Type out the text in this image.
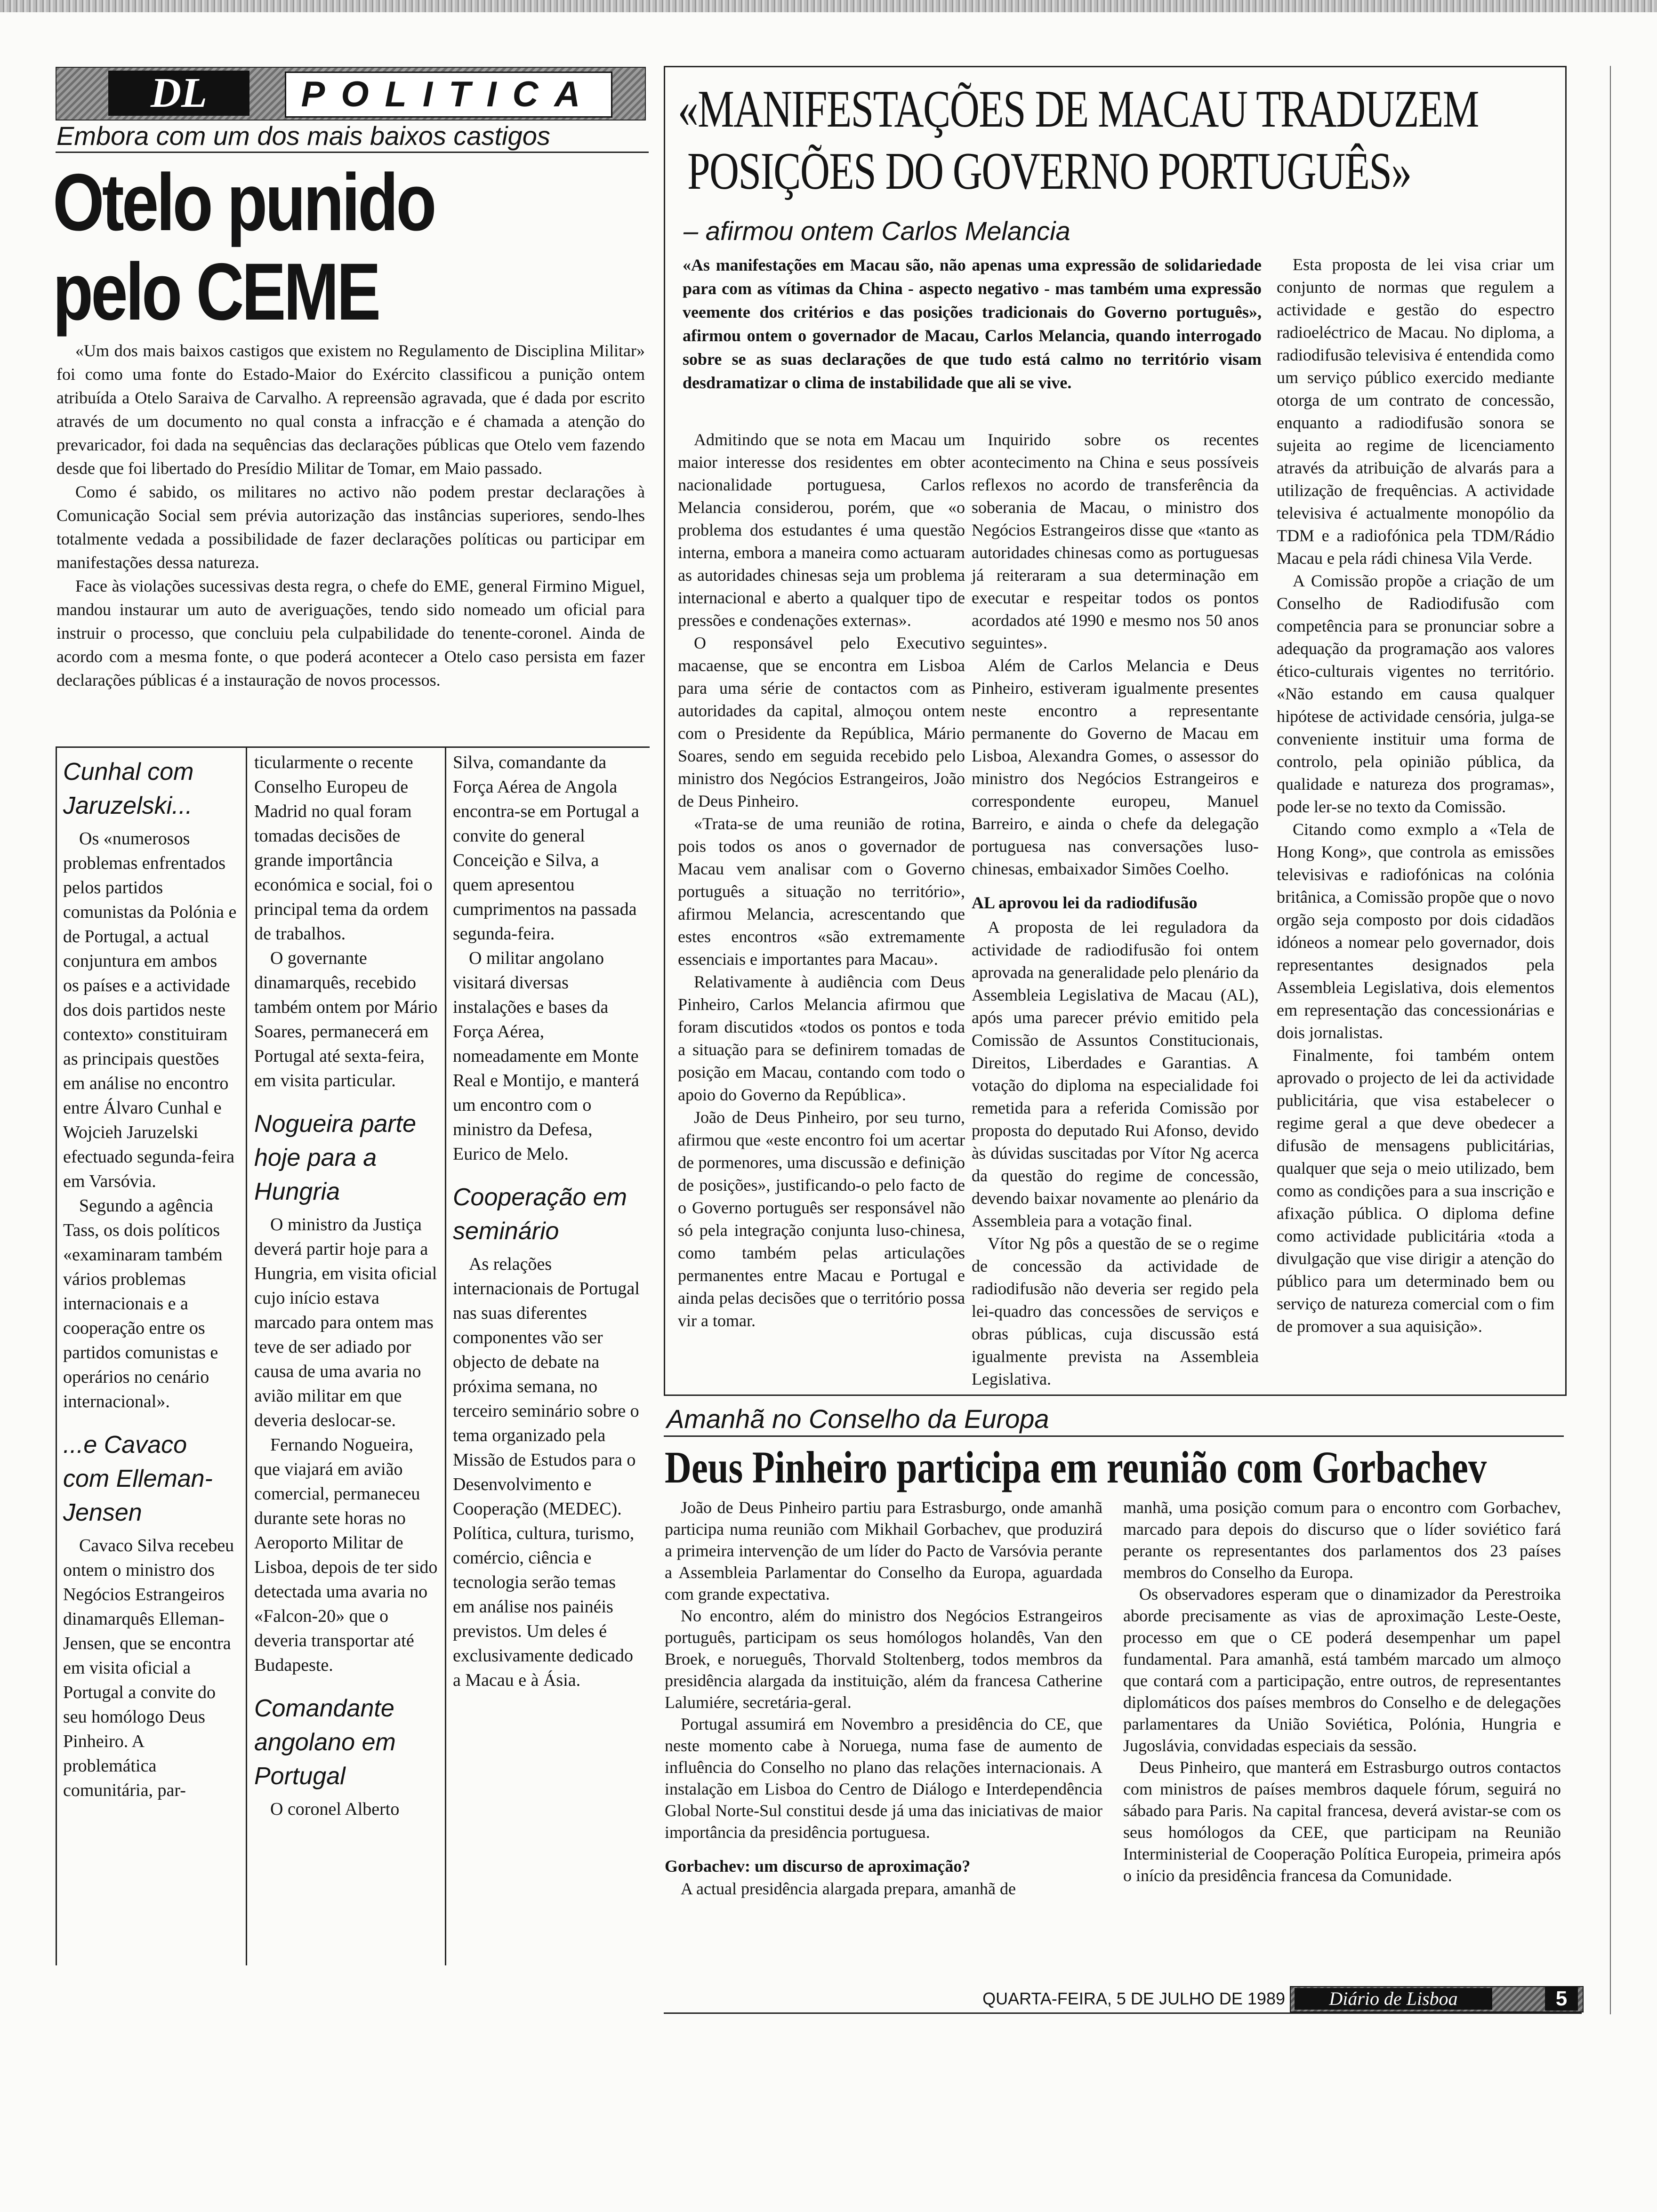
DL	POLITICA
Embora com um dos mais baixos castigos
Otelo punido
pelo CEME

«Um dos mais baixos castigos que existem no Regulamento de Disciplina Militar» foi como uma fonte do Estado-Maior do Exército classificou a punição ontem atribuída a Otelo Saraiva de Carvalho. A repreensão agravada, que é dada por escrito através de um documento no qual consta a infracção e é chamada a atenção do prevaricador, foi dada na sequências das declarações públicas que Otelo vem fazendo desde que foi libertado do Presídio Militar de Tomar, em Maio passado.

Como é sabido, os militares no activo não podem prestar declarações à Comunicação Social sem prévia autorização das instâncias superiores, sendo-lhes totalmente vedada a possibilidade de fazer declarações políticas ou participar em manifestações dessa natureza.

Face às violações sucessivas desta regra, o chefe do EME, general Firmino Miguel, mandou instaurar um auto de averiguações, tendo sido nomeado um oficial para instruir o processo, que concluiu pela culpabilidade do tenente-coronel. Ainda de acordo com a mesma fonte, o que poderá acontecer a Otelo caso persista em fazer declarações públicas é a instauração de novos processos.

Cunhal com Jaruzelski...

Os «numerosos problemas enfrentados pelos partidos comunistas da Polónia e de Portugal, a actual conjuntura em ambos os países e a actividade dos dois partidos neste contexto» constituiram as principais questões em análise no encontro entre Álvaro Cunhal e Wojcieh Jaruzelski efectuado segunda-feira em Varsóvia.

Segundo a agência Tass, os dois políticos «examinaram também vários problemas internacionais e a cooperação entre os partidos comunistas e operários no cenário internacional».

...e Cavaco com Elleman-Jensen

Cavaco Silva recebeu ontem o ministro dos Negócios Estrangeiros dinamarquês Elleman-Jensen, que se encontra em visita oficial a Portugal a convite do seu homólogo Deus Pinheiro. A problemática comunitária, par-

ticularmente o recente Conselho Europeu de Madrid no qual foram tomadas decisões de grande importância económica e social, foi o principal tema da ordem de trabalhos.

O governante dinamarquês, recebido também ontem por Mário Soares, permanecerá em Portugal até sexta-feira, em visita particular.

Nogueira parte hoje para a Hungria

O ministro da Justiça deverá partir hoje para a Hungria, em visita oficial cujo início estava marcado para ontem mas teve de ser adiado por causa de uma avaria no avião militar em que deveria deslocar-se.

Fernando Nogueira, que viajará em avião comercial, permaneceu durante sete horas no Aeroporto Militar de Lisboa, depois de ter sido detectada uma avaria no «Falcon-20» que o deveria transportar até Budapeste.

Comandante angolano em Portugal

O coronel Alberto

Silva, comandante da Força Aérea de Angola encontra-se em Portugal a convite do general Conceição e Silva, a quem apresentou cumprimentos na passada segunda-feira.

O militar angolano visitará diversas instalações e bases da Força Aérea, nomeadamente em Monte Real e Montijo, e manterá um encontro com o ministro da Defesa, Eurico de Melo.

Cooperação em seminário

As relações internacionais de Portugal nas suas diferentes componentes vão ser objecto de debate na próxima semana, no terceiro seminário sobre o tema organizado pela Missão de Estudos para o Desenvolvimento e Cooperação (MEDEC). Política, cultura, turismo, comércio, ciência e tecnologia serão temas em análise nos painéis previstos. Um deles é exclusivamente dedicado a Macau e à Ásia.

«MANIFESTAÇÕES DE MACAU TRADUZEM
POSIÇÕES DO GOVERNO PORTUGUÊS»
– afirmou ontem Carlos Melancia
«As manifestações em Macau são, não apenas uma expressão de solidariedade para com as vítimas da China - aspecto negativo - mas também uma expressão veemente dos critérios e das posições tradicionais do Governo português», afirmou ontem o governador de Macau, Carlos Melancia, quando interrogado sobre se as suas declarações de que tudo está calmo no território visam desdramatizar o clima de instabilidade que ali se vive.

Admitindo que se nota em Macau um maior interesse dos residentes em obter nacionalidade portuguesa, Carlos Melancia considerou, porém, que «o problema dos estudantes é uma questão interna, embora a maneira como actuaram as autoridades chinesas seja um problema internacional e aberto a qualquer tipo de pressões e condenações externas».

O responsável pelo Executivo macaense, que se encontra em Lisboa para uma série de contactos com as autoridades da capital, almoçou ontem com o Presidente da República, Mário Soares, sendo em seguida recebido pelo ministro dos Negócios Estrangeiros, João de Deus Pinheiro.

«Trata-se de uma reunião de rotina, pois todos os anos o governador de Macau vem analisar com o Governo português a situação no território», afirmou Melancia, acrescentando que estes encontros «são extremamente essenciais e importantes para Macau».

Relativamente à audiência com Deus Pinheiro, Carlos Melancia afirmou que foram discutidos «todos os pontos e toda a situação para se definirem tomadas de posição em Macau, contando com todo o apoio do Governo da República».

João de Deus Pinheiro, por seu turno, afirmou que «este encontro foi um acertar de pormenores, uma discussão e definição de posições», justificando-o pelo facto de o Governo português ser responsável não só pela integração conjunta luso-chinesa, como também pelas articulações permanentes entre Macau e Portugal e ainda pelas decisões que o território possa vir a tomar.

Inquirido sobre os recentes acontecimento na China e seus possíveis reflexos no acordo de transferência da soberania de Macau, o ministro dos Negócios Estrangeiros disse que «tanto as autoridades chinesas como as portuguesas já reiteraram a sua determinação em executar e respeitar todos os pontos acordados até 1990 e mesmo nos 50 anos seguintes».

Além de Carlos Melancia e Deus Pinheiro, estiveram igualmente presentes neste encontro a representante permanente do Governo de Macau em Lisboa, Alexandra Gomes, o assessor do ministro dos Negócios Estrangeiros e correspondente europeu, Manuel Barreiro, e ainda o chefe da delegação portuguesa nas conversações luso-chinesas, embaixador Simões Coelho.

AL aprovou lei da radiodifusão

A proposta de lei reguladora da actividade de radiodifusão foi ontem aprovada na generalidade pelo plenário da Assembleia Legislativa de Macau (AL), após uma parecer prévio emitido pela Comissão de Assuntos Constitucionais, Direitos, Liberdades e Garantias. A votação do diploma na especialidade foi remetida para a referida Comissão por proposta do deputado Rui Afonso, devido às dúvidas suscitadas por Vítor Ng acerca da questão do regime de concessão, devendo baixar novamente ao plenário da Assembleia para a votação final.

Vítor Ng pôs a questão de se o regime de concessão da actividade de radiodifusão não deveria ser regido pela lei-quadro das concessões de serviços e obras públicas, cuja discussão está igualmente prevista na Assembleia Legislativa.

Esta proposta de lei visa criar um conjunto de normas que regulem a actividade e gestão do espectro radioeléctrico de Macau. No diploma, a radiodifusão televisiva é entendida como um serviço público exercido mediante otorga de um contrato de concessão, enquanto a radiodifusão sonora se sujeita ao regime de licenciamento através da atribuição de alvarás para a utilização de frequências. A actividade televisiva é actualmente monopólio da TDM e a radiofónica pela TDM/Rádio Macau e pela rádi chinesa Vila Verde.

A Comissão propõe a criação de um Conselho de Radiodifusão com competência para se pronunciar sobre a adequação da programação aos valores ético-culturais vigentes no território. «Não estando em causa qualquer hipótese de actividade censória, julga-se conveniente instituir uma forma de controlo, pela opinião pública, da qualidade e natureza dos programas», pode ler-se no texto da Comissão.

Citando como exmplo a «Tela de Hong Kong», que controla as emissões televisivas e radiofónicas na colónia britânica, a Comissão propõe que o novo orgão seja composto por dois cidadãos idóneos a nomear pelo governador, dois representantes designados pela Assembleia Legislativa, dois elementos em representação das concessionárias e dois jornalistas.

Finalmente, foi também ontem aprovado o projecto de lei da actividade publicitária, que visa estabelecer o regime geral a que deve obedecer a difusão de mensagens publicitárias, qualquer que seja o meio utilizado, bem como as condições para a sua inscrição e afixação pública. O diploma define como actividade publicitária «toda a divulgação que vise dirigir a atenção do público para um determinado bem ou serviço de natureza comercial com o fim de promover a sua aquisição».

Amanhã no Conselho da Europa
Deus Pinheiro participa em reunião com Gorbachev

João de Deus Pinheiro partiu para Estrasburgo, onde amanhã participa numa reunião com Mikhail Gorbachev, que produzirá a primeira intervenção de um líder do Pacto de Varsóvia perante a Assembleia Parlamentar do Conselho da Europa, aguardada com grande expectativa.

No encontro, além do ministro dos Negócios Estrangeiros português, participam os seus homólogos holandês, Van den Broek, e norueguês, Thorvald Stoltenberg, todos membros da presidência alargada da instituição, além da francesa Catherine Lalumiére, secretária-geral.

Portugal assumirá em Novembro a presidência do CE, que neste momento cabe à Noruega, numa fase de aumento de influência do Conselho no plano das relações internacionais. A instalação em Lisboa do Centro de Diálogo e Interdependência Global Norte-Sul constitui desde já uma das iniciativas de maior importância da presidência portuguesa.

Gorbachev: um discurso de aproximação?

A actual presidência alargada prepara, amanhã de

manhã, uma posição comum para o encontro com Gorbachev, marcado para depois do discurso que o líder soviético fará perante os representantes dos parlamentos dos 23 países membros do Conselho da Europa.

Os observadores esperam que o dinamizador da Perestroika aborde precisamente as vias de aproximação Leste-Oeste, processo em que o CE poderá desempenhar um papel fundamental. Para amanhã, está também marcado um almoço que contará com a participação, entre outros, de representantes diplomáticos dos países membros do Conselho e de delegações parlamentares da União Soviética, Polónia, Hungria e Jugoslávia, convidadas especiais da sessão.

Deus Pinheiro, que manterá em Estrasburgo outros contactos com ministros de países membros daquele fórum, seguirá no sábado para Paris. Na capital francesa, deverá avistar-se com os seus homólogos da CEE, que participam na Reunião Interministerial de Cooperação Política Europeia, primeira após o início da presidência francesa da Comunidade.

QUARTA-FEIRA, 5 DE JULHO DE 1989	Diário de Lisboa	5
